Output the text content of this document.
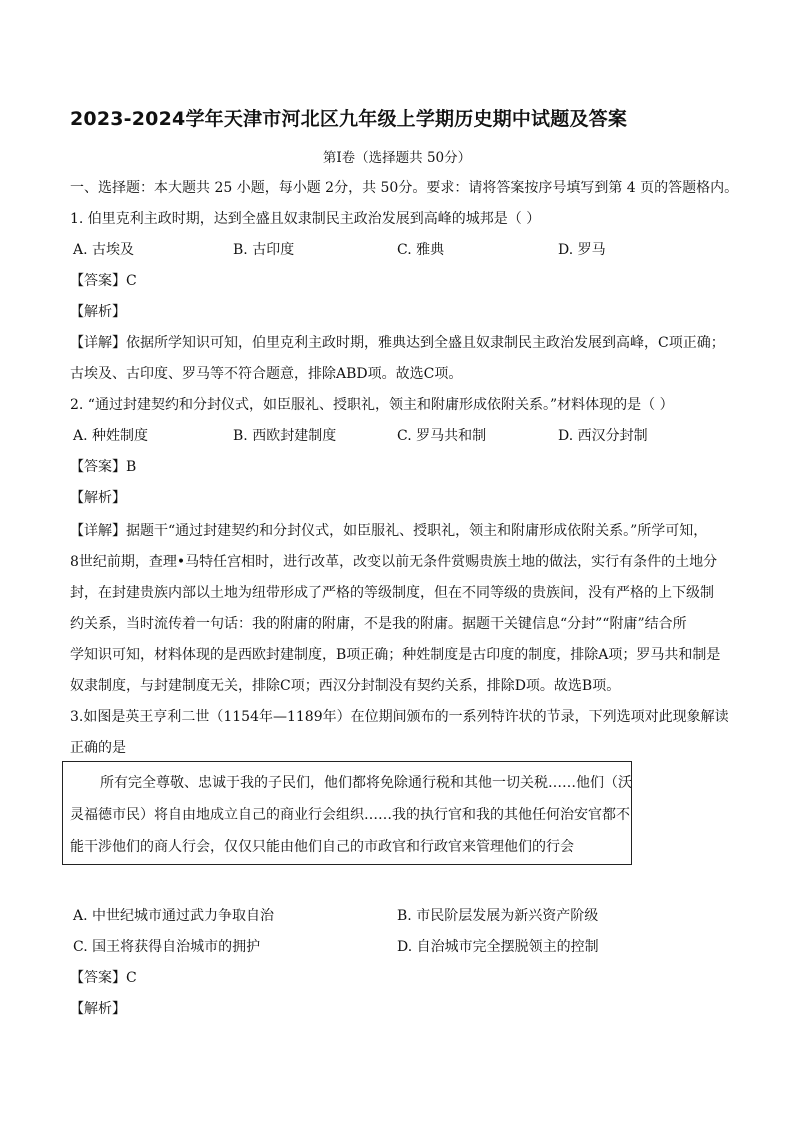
2023-2024学年天津市河北区九年级上学期历史期中试题及答案
第Ⅰ卷（选择题共 50分）
一、选择题：本大题共 25 小题，每小题 2分，共 50分。要求：请将答案按序号填写到第 4 页的答题格内。
1. 伯里克利主政时期，达到全盛且奴隶制民主政治发展到高峰的城邦是（ ）
A. 古埃及	B. 古印度	C. 雅典	D. 罗马
【答案】C
【解析】
【详解】依据所学知识可知，伯里克利主政时期，雅典达到全盛且奴隶制民主政治发展到高峰，C项正确；
古埃及、古印度、罗马等不符合题意，排除ABD项。故选C项。
2. “通过封建契约和分封仪式，如臣服礼、授职礼，领主和附庸形成依附关系。”材料体现的是（ ）
A. 种姓制度	B. 西欧封建制度	C. 罗马共和制	D. 西汉分封制
【答案】B
【解析】
【详解】据题干“通过封建契约和分封仪式，如臣服礼、授职礼，领主和附庸形成依附关系。”所学可知，
8世纪前期，查理•马特任宫相时，进行改革，改变以前无条件赏赐贵族土地的做法，实行有条件的土地分
封，在封建贵族内部以土地为纽带形成了严格的等级制度，但在不同等级的贵族间，没有严格的上下级制
约关系，当时流传着一句话：我的附庸的附庸，不是我的附庸。据题干关键信息“分封”“附庸”结合所
学知识可知，材料体现的是西欧封建制度，B项正确；种姓制度是古印度的制度，排除A项；罗马共和制是
奴隶制度，与封建制度无关，排除C项；西汉分封制没有契约关系，排除D项。故选B项。
3.如图是英王亨利二世（1154年—1189年）在位期间颁布的一系列特许状的节录，下列选项对此现象解读
正确的是
所有完全尊敬、忠诚于我的子民们，他们都将免除通行税和其他一切关税……他们（沃
灵福德市民）将自由地成立自己的商业行会组织……我的执行官和我的其他任何治安官都不
能干涉他们的商人行会，仅仅只能由他们自己的市政官和行政官来管理他们的行会
A. 中世纪城市通过武力争取自治	B. 市民阶层发展为新兴资产阶级
C. 国王将获得自治城市的拥护	D. 自治城市完全摆脱领主的控制
【答案】C
【解析】
